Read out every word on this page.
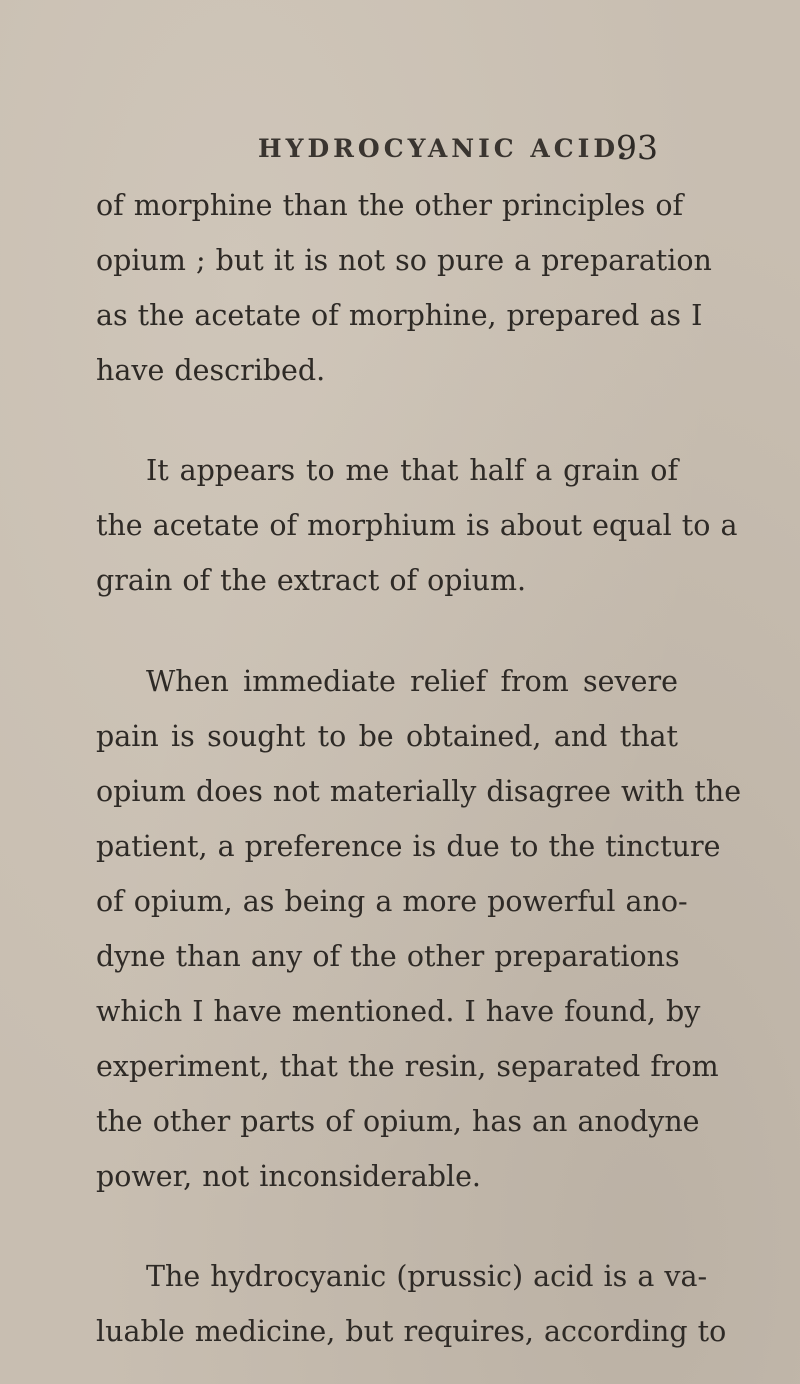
HYDROCYANIC ACID.
93
of morphine than the other principles of
opium ; but it is not so pure a preparation
as the acetate of morphine, prepared as I
have described.
It appears to me that half a grain of
the acetate of morphium is about equal to a
grain of the extract of opium.
When immediate relief from severe
pain is sought to be obtained, and that
opium does not materially disagree with the
patient, a preference is due to the tincture
of opium, as being a more powerful ano-
dyne than any of the other preparations
which I have mentioned. I have found, by
experiment, that the resin, separated from
the other parts of opium, has an anodyne
power, not inconsiderable.
The hydrocyanic (prussic) acid is a va-
luable medicine, but requires, according to
